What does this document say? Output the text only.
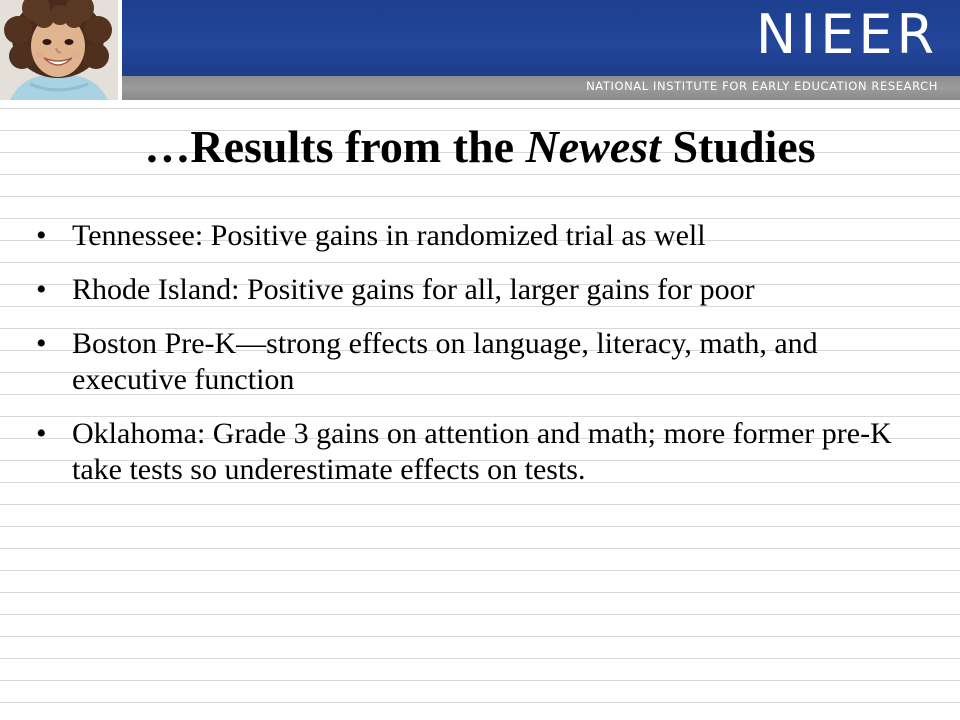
NIEER
NATIONAL INSTITUTE FOR EARLY EDUCATION RESEARCH
…Results from the Newest Studies
• Tennessee: Positive gains in randomized trial as well
• Rhode Island: Positive gains for all, larger gains for poor
• Boston Pre-K—strong effects on language, literacy, math, and executive function
• Oklahoma: Grade 3 gains on attention and math; more former pre-K take tests so underestimate effects on tests.
